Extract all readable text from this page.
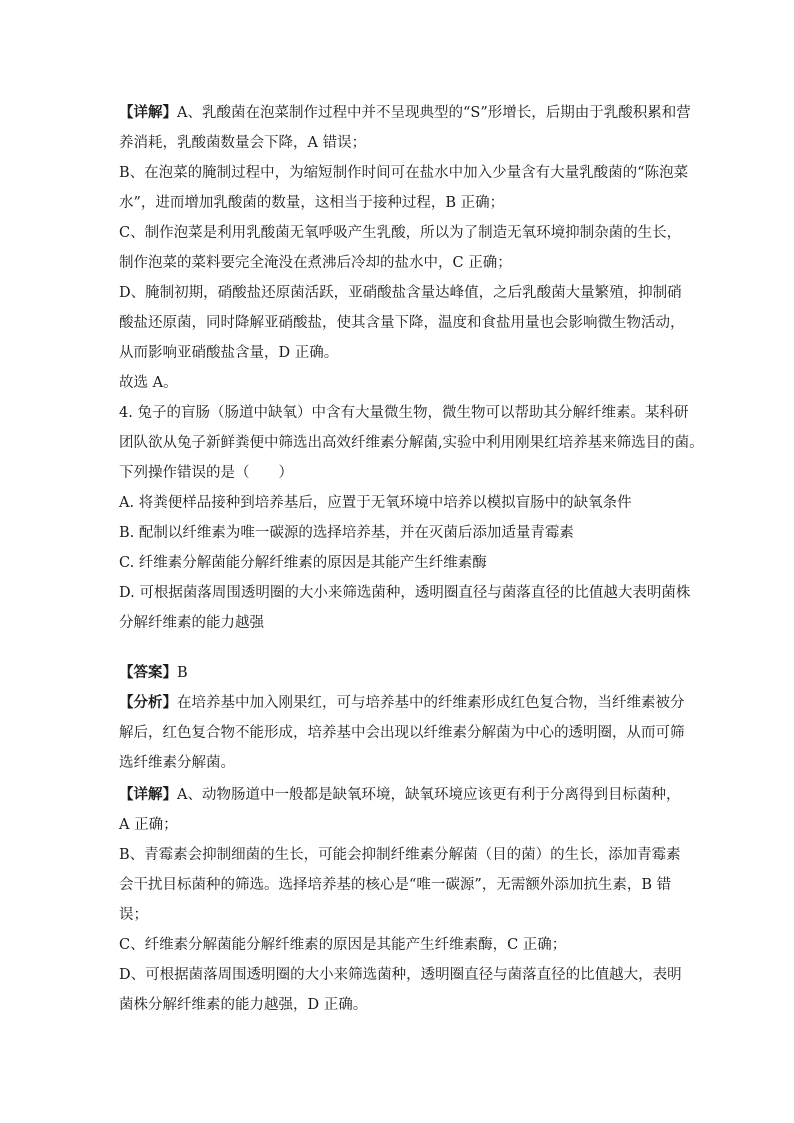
【详解】A、乳酸菌在泡菜制作过程中并不呈现典型的“S”形增长，后期由于乳酸积累和营
养消耗，乳酸菌数量会下降，A 错误；
B、在泡菜的腌制过程中，为缩短制作时间可在盐水中加入少量含有大量乳酸菌的“陈泡菜
水”，进而增加乳酸菌的数量，这相当于接种过程，B 正确；
C、制作泡菜是利用乳酸菌无氧呼吸产生乳酸，所以为了制造无氧环境抑制杂菌的生长，
制作泡菜的菜料要完全淹没在煮沸后冷却的盐水中，C 正确；
D、腌制初期，硝酸盐还原菌活跃，亚硝酸盐含量达峰值，之后乳酸菌大量繁殖，抑制硝
酸盐还原菌，同时降解亚硝酸盐，使其含量下降，温度和食盐用量也会影响微生物活动，
从而影响亚硝酸盐含量，D 正确。
故选 A。
4. 兔子的盲肠（肠道中缺氧）中含有大量微生物，微生物可以帮助其分解纤维素。某科研
团队欲从兔子新鲜粪便中筛选出高效纤维素分解菌,实验中利用刚果红培养基来筛选目的菌。
下列操作错误的是（　　）
A. 将粪便样品接种到培养基后，应置于无氧环境中培养以模拟盲肠中的缺氧条件
B. 配制以纤维素为唯一碳源的选择培养基，并在灭菌后添加适量青霉素
C. 纤维素分解菌能分解纤维素的原因是其能产生纤维素酶
D. 可根据菌落周围透明圈的大小来筛选菌种，透明圈直径与菌落直径的比值越大表明菌株
分解纤维素的能力越强
【答案】B
【分析】在培养基中加入刚果红，可与培养基中的纤维素形成红色复合物，当纤维素被分
解后，红色复合物不能形成，培养基中会出现以纤维素分解菌为中心的透明圈，从而可筛
选纤维素分解菌。
【详解】A、动物肠道中一般都是缺氧环境，缺氧环境应该更有利于分离得到目标菌种，
A 正确；
B、青霉素会抑制细菌的生长，可能会抑制纤维素分解菌（目的菌）的生长，添加青霉素
会干扰目标菌种的筛选。选择培养基的核心是“唯一碳源”，无需额外添加抗生素，B 错
误；
C、纤维素分解菌能分解纤维素的原因是其能产生纤维素酶，C 正确；
D、可根据菌落周围透明圈的大小来筛选菌种，透明圈直径与菌落直径的比值越大，表明
菌株分解纤维素的能力越强，D 正确。
